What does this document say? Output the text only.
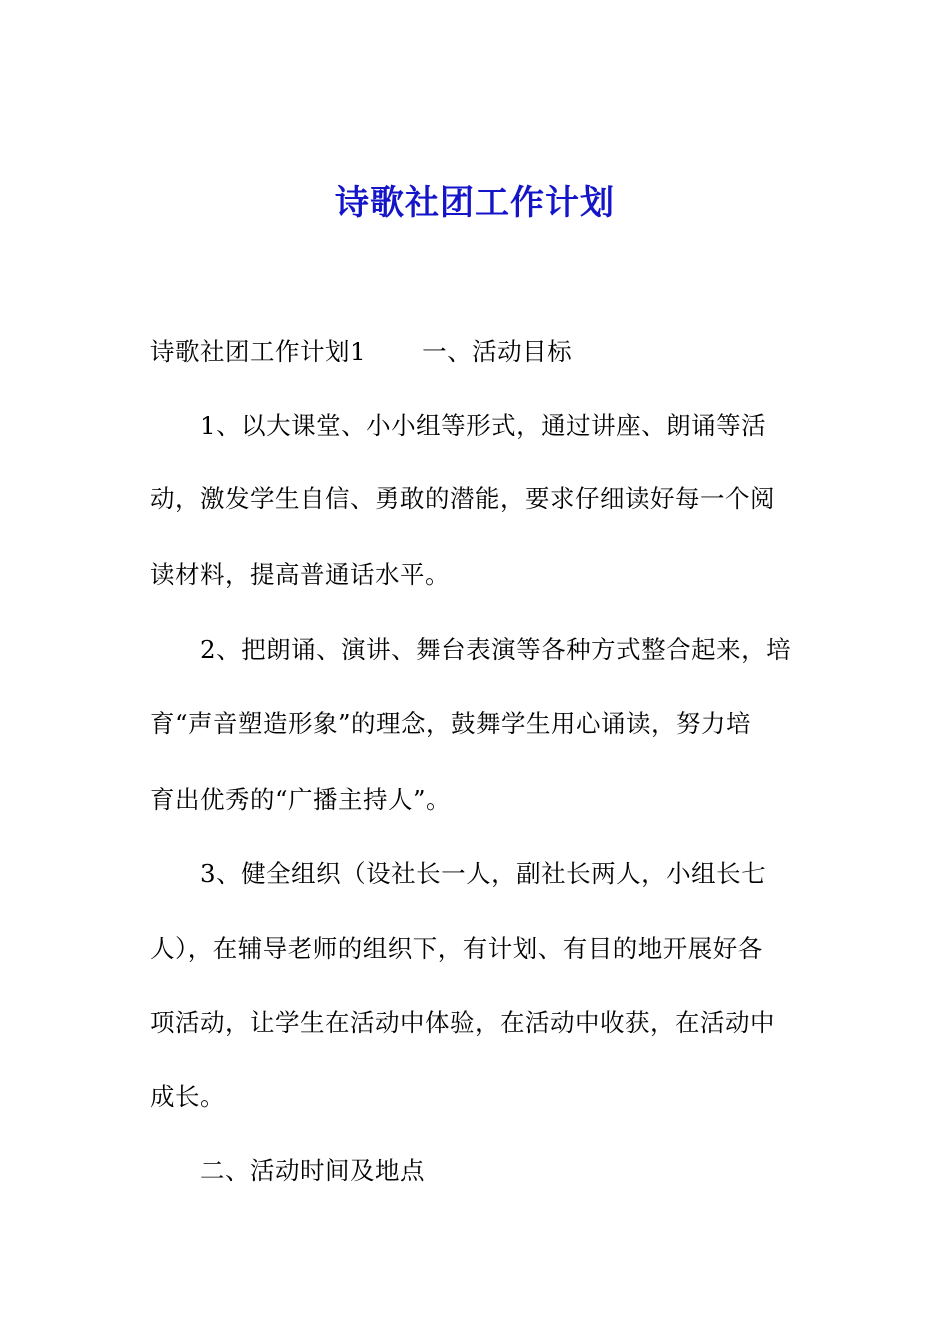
诗歌社团工作计划
诗歌社团工作计划1 一、活动目标
1、以大课堂、小小组等形式，通过讲座、朗诵等活
动，激发学生自信、勇敢的潜能，要求仔细读好每一个阅
读材料，提高普通话水平。
2、把朗诵、演讲、舞台表演等各种方式整合起来，培
育“声音塑造形象”的理念，鼓舞学生用心诵读，努力培
育出优秀的“广播主持人”。
3、健全组织（设社长一人，副社长两人，小组长七
人），在辅导老师的组织下，有计划、有目的地开展好各
项活动，让学生在活动中体验，在活动中收获，在活动中
成长。
二、活动时间及地点
